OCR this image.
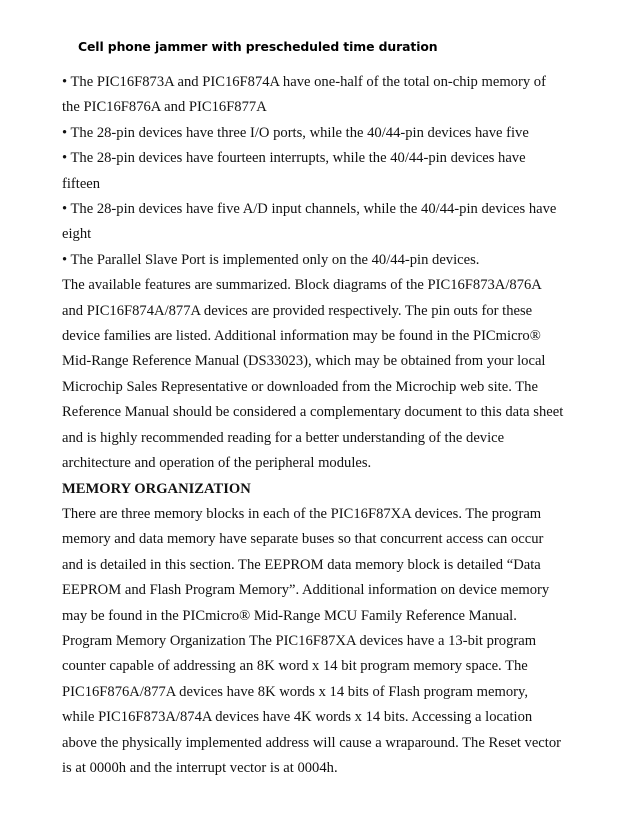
Cell phone jammer with prescheduled time duration

• The PIC16F873A and PIC16F874A have one-half of the total on-chip memory of the PIC16F876A and PIC16F877A

• The 28-pin devices have three I/O ports, while the 40/44-pin devices have five

• The 28-pin devices have fourteen interrupts, while the 40/44-pin devices have fifteen

• The 28-pin devices have five A/D input channels, while the 40/44-pin devices have eight

• The Parallel Slave Port is implemented only on the 40/44-pin devices.

The available features are summarized. Block diagrams of the PIC16F873A/876A and PIC16F874A/877A devices are provided respectively. The pin outs for these device families are listed. Additional information may be found in the PICmicro® Mid-Range Reference Manual (DS33023), which may be obtained from your local Microchip Sales Representative or downloaded from the Microchip web site. The Reference Manual should be considered a complementary document to this data sheet and is highly recommended reading for a better understanding of the device architecture and operation of the peripheral modules.

MEMORY ORGANIZATION

There are three memory blocks in each of the PIC16F87XA devices. The program memory and data memory have separate buses so that concurrent access can occur and is detailed in this section. The EEPROM data memory block is detailed “Data EEPROM and Flash Program Memory”. Additional information on device memory may be found in the PICmicro® Mid-Range MCU Family Reference Manual. Program Memory Organization The PIC16F87XA devices have a 13-bit program counter capable of addressing an 8K word x 14 bit program memory space. The PIC16F876A/877A devices have 8K words x 14 bits of Flash program memory, while PIC16F873A/874A devices have 4K words x 14 bits. Accessing a location above the physically implemented address will cause a wraparound. The Reset vector is at 0000h and the interrupt vector is at 0004h.
